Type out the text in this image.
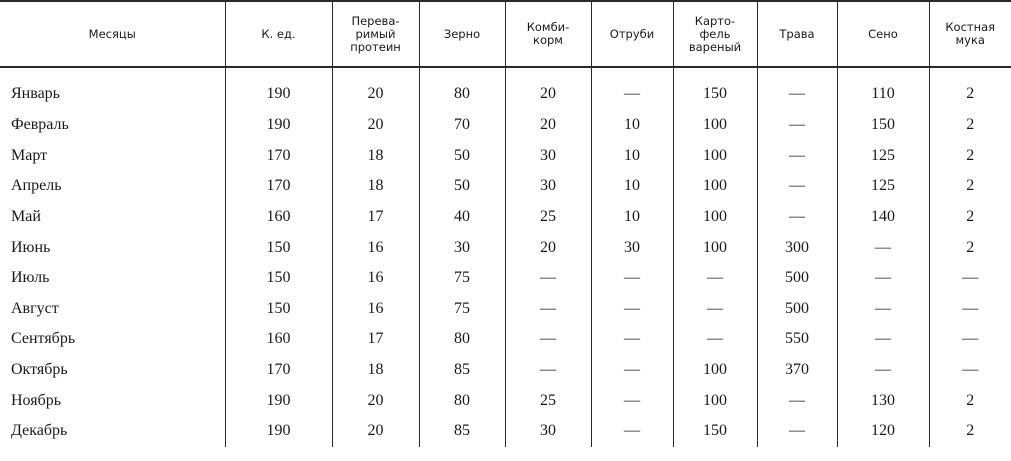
Месяцы	К. ед.	Перева-
римый
протеин	Зерно	Комби-
корм	Отруби	Карто-
фель
вареный	Трава	Сено	Костная
мука
Январь	190	20	80	20	—	150	—	110	2
Февраль	190	20	70	20	10	100	—	150	2
Март	170	18	50	30	10	100	—	125	2
Апрель	170	18	50	30	10	100	—	125	2
Май	160	17	40	25	10	100	—	140	2
Июнь	150	16	30	20	30	100	300	—	2
Июль	150	16	75	—	—	—	500	—	—
Август	150	16	75	—	—	—	500	—	—
Сентябрь	160	17	80	—	—	—	550	—	—
Октябрь	170	18	85	—	—	100	370	—	—
Ноябрь	190	20	80	25	—	100	—	130	2
Декабрь	190	20	85	30	—	150	—	120	2
